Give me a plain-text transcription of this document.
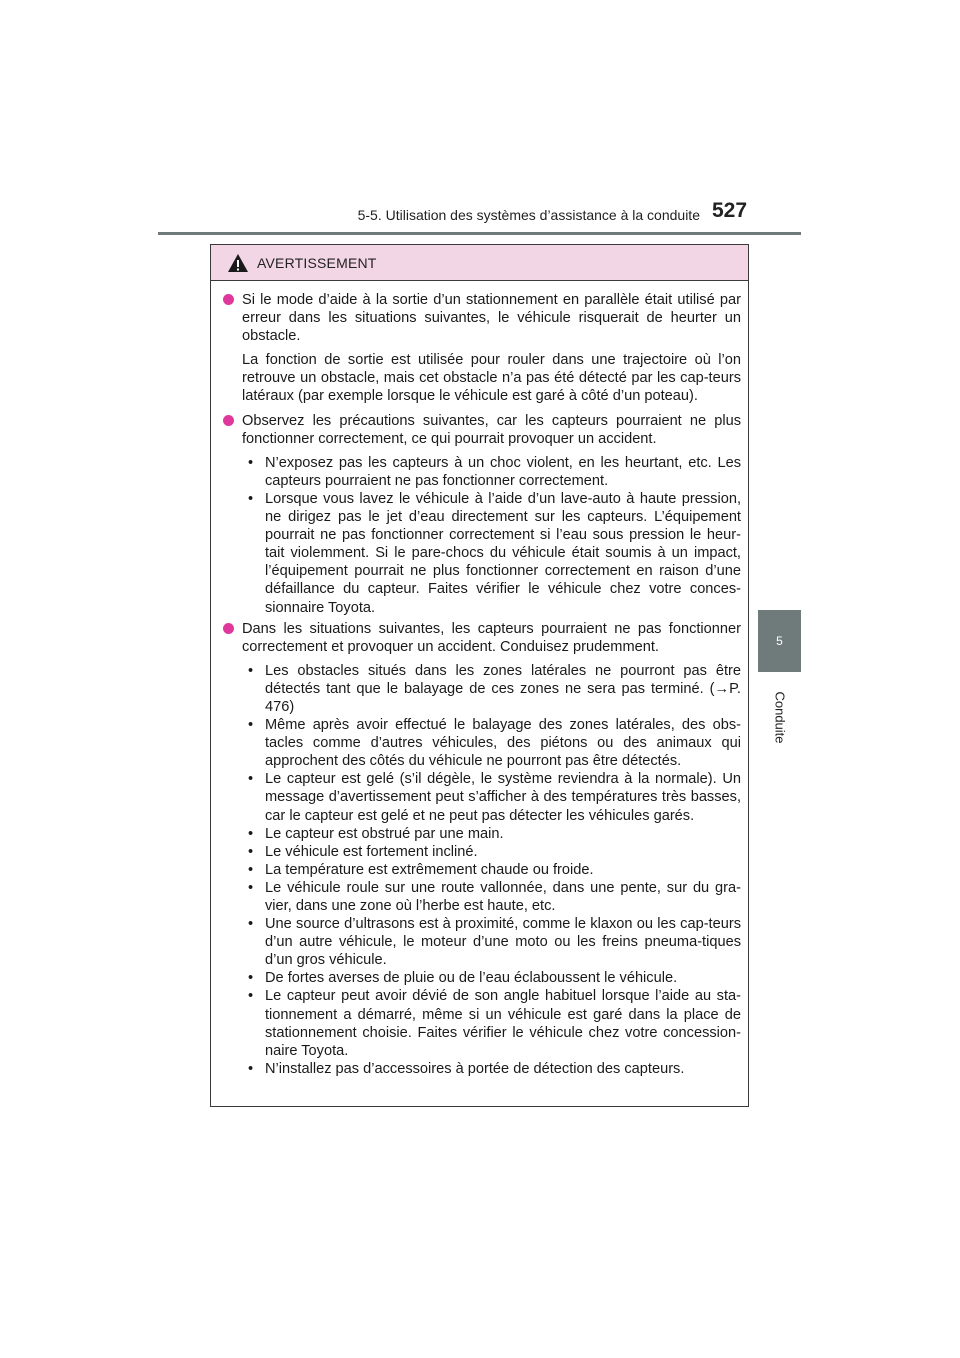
5-5. Utilisation des systèmes d’assistance à la conduite 527
5
Conduite
AVERTISSEMENT

Si le mode d’aide à la sortie d’un stationnement en parallèle était utilisé par erreur dans les situations suivantes, le véhicule risquerait de heurter un obstacle.

La fonction de sortie est utilisée pour rouler dans une trajectoire où l’on retrouve un obstacle, mais cet obstacle n’a pas été détecté par les cap-teurs latéraux (par exemple lorsque le véhicule est garé à côté d’un poteau).

Observez les précautions suivantes, car les capteurs pourraient ne plus fonctionner correctement, ce qui pourrait provoquer un accident.

• N’exposez pas les capteurs à un choc violent, en les heurtant, etc. Les capteurs pourraient ne pas fonctionner correctement.
• Lorsque vous lavez le véhicule à l’aide d’un lave-auto à haute pression, ne dirigez pas le jet d’eau directement sur les capteurs. L’équipement pourrait ne pas fonctionner correctement si l’eau sous pression le heur-tait violemment. Si le pare-chocs du véhicule était soumis à un impact, l’équipement pourrait ne plus fonctionner correctement en raison d’une défaillance du capteur. Faites vérifier le véhicule chez votre conces-sionnaire Toyota.

Dans les situations suivantes, les capteurs pourraient ne pas fonctionner correctement et provoquer un accident. Conduisez prudemment.

• Les obstacles situés dans les zones latérales ne pourront pas être détectés tant que le balayage de ces zones ne sera pas terminé. (→P. 476)
• Même après avoir effectué le balayage des zones latérales, des obs-tacles comme d’autres véhicules, des piétons ou des animaux qui approchent des côtés du véhicule ne pourront pas être détectés.
• Le capteur est gelé (s’il dégèle, le système reviendra à la normale). Un message d’avertissement peut s’afficher à des températures très basses, car le capteur est gelé et ne peut pas détecter les véhicules garés.
• Le capteur est obstrué par une main.
• Le véhicule est fortement incliné.
• La température est extrêmement chaude ou froide.
• Le véhicule roule sur une route vallonnée, dans une pente, sur du gra-vier, dans une zone où l’herbe est haute, etc.
• Une source d’ultrasons est à proximité, comme le klaxon ou les cap-teurs d’un autre véhicule, le moteur d’une moto ou les freins pneuma-tiques d’un gros véhicule.
• De fortes averses de pluie ou de l’eau éclaboussent le véhicule.
• Le capteur peut avoir dévié de son angle habituel lorsque l’aide au sta-tionnement a démarré, même si un véhicule est garé dans la place de stationnement choisie. Faites vérifier le véhicule chez votre concession-naire Toyota.
• N’installez pas d’accessoires à portée de détection des capteurs.
